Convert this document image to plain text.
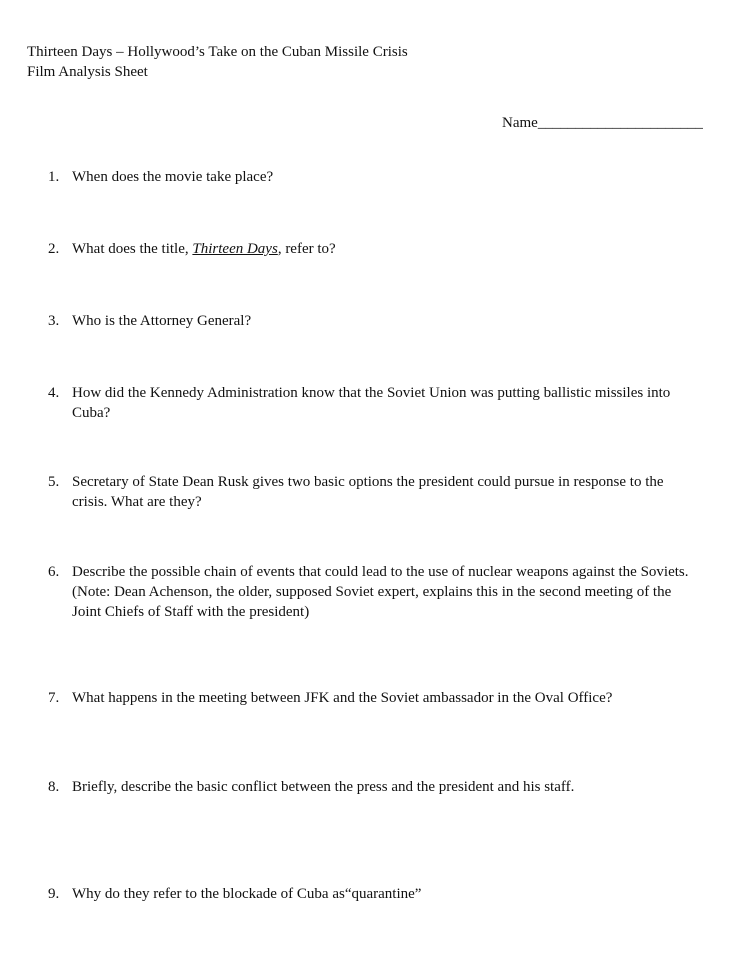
Thirteen Days – Hollywood’s Take on the Cuban Missile Crisis
Film Analysis Sheet
Name______________________
1. When does the movie take place?
2. What does the title, Thirteen Days, refer to?
3. Who is the Attorney General?
4. How did the Kennedy Administration know that the Soviet Union was putting ballistic missiles into Cuba?
5. Secretary of State Dean Rusk gives two basic options the president could pursue in response to the crisis. What are they?
6. Describe the possible chain of events that could lead to the use of nuclear weapons against the Soviets. (Note: Dean Achenson, the older, supposed Soviet expert, explains this in the second meeting of the Joint Chiefs of Staff with the president)
7. What happens in the meeting between JFK and the Soviet ambassador in the Oval Office?
8. Briefly, describe the basic conflict between the press and the president and his staff.
9. Why do they refer to the blockade of Cuba as“quarantine”
